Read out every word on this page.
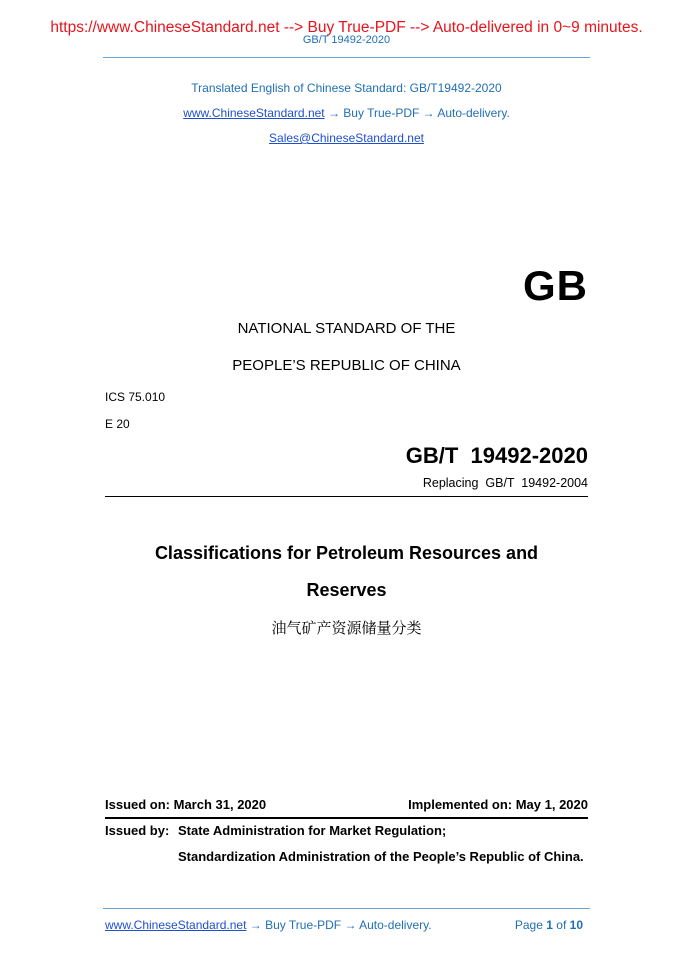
https://www.ChineseStandard.net --> Buy True-PDF --> Auto-delivered in 0~9 minutes.
GB/T 19492-2020
Translated English of Chinese Standard: GB/T19492-2020
www.ChineseStandard.net → Buy True-PDF → Auto-delivery.
Sales@ChineseStandard.net
GB
NATIONAL STANDARD OF THE
PEOPLE’S REPUBLIC OF CHINA
ICS 75.010
E 20
GB/T  19492-2020
Replacing  GB/T  19492-2004
Classifications for Petroleum Resources and
Reserves
油气矿产资源储量分类
Issued on: March 31, 2020	Implemented on: May 1, 2020
Issued by: State Administration for Market Regulation;
Standardization Administration of the People’s Republic of China.
www.ChineseStandard.net → Buy True-PDF → Auto-delivery.	Page 1 of 10
